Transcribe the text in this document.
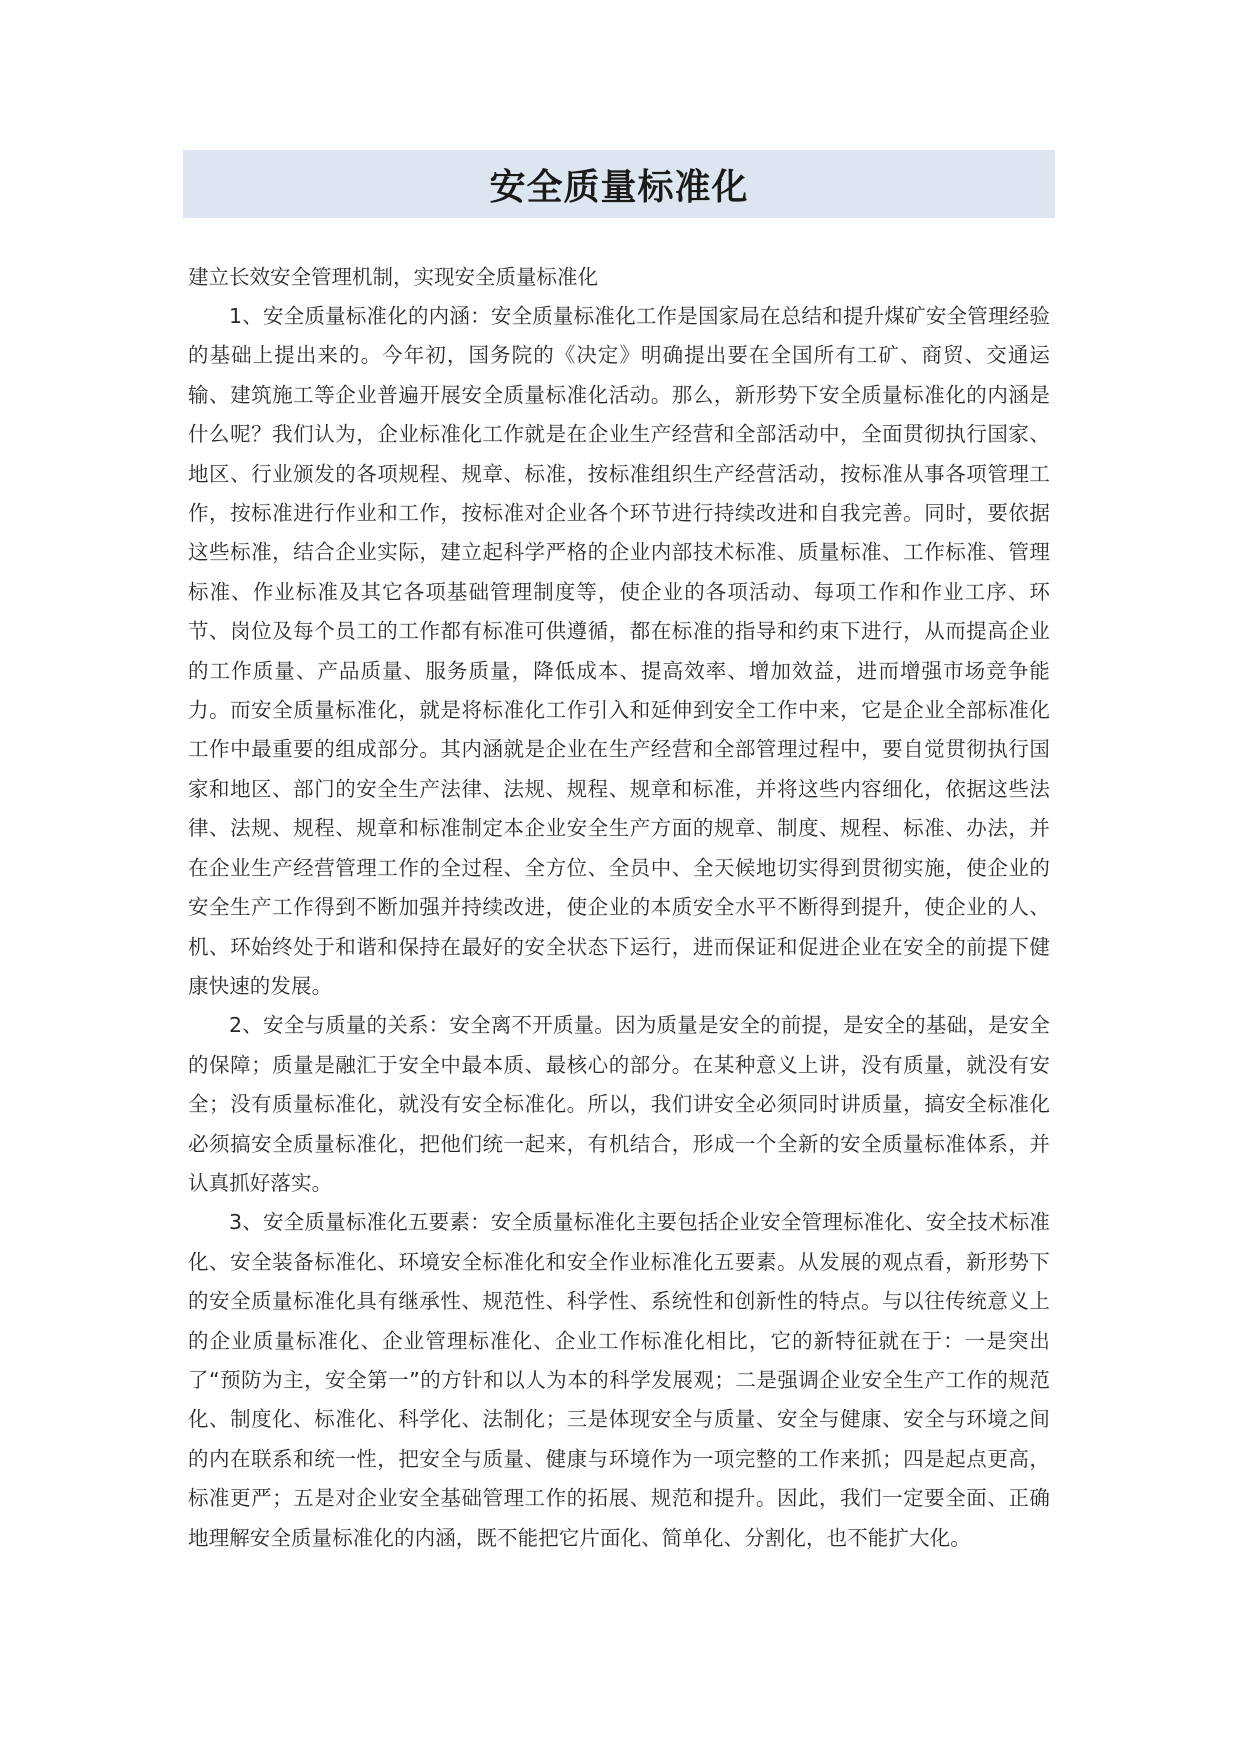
安全质量标准化

建立长效安全管理机制，实现安全质量标准化

1、安全质量标准化的内涵：安全质量标准化工作是国家局在总结和提升煤矿安全管理经验的基础上提出来的。今年初，国务院的《决定》明确提出要在全国所有工矿、商贸、交通运输、建筑施工等企业普遍开展安全质量标准化活动。那么，新形势下安全质量标准化的内涵是什么呢？我们认为，企业标准化工作就是在企业生产经营和全部活动中，全面贯彻执行国家、地区、行业颁发的各项规程、规章、标准，按标准组织生产经营活动，按标准从事各项管理工作，按标准进行作业和工作，按标准对企业各个环节进行持续改进和自我完善。同时，要依据这些标准，结合企业实际，建立起科学严格的企业内部技术标准、质量标准、工作标准、管理标准、作业标准及其它各项基础管理制度等，使企业的各项活动、每项工作和作业工序、环节、岗位及每个员工的工作都有标准可供遵循，都在标准的指导和约束下进行，从而提高企业的工作质量、产品质量、服务质量，降低成本、提高效率、增加效益，进而增强市场竞争能力。而安全质量标准化，就是将标准化工作引入和延伸到安全工作中来，它是企业全部标准化工作中最重要的组成部分。其内涵就是企业在生产经营和全部管理过程中，要自觉贯彻执行国家和地区、部门的安全生产法律、法规、规程、规章和标准，并将这些内容细化，依据这些法律、法规、规程、规章和标准制定本企业安全生产方面的规章、制度、规程、标准、办法，并在企业生产经营管理工作的全过程、全方位、全员中、全天候地切实得到贯彻实施，使企业的安全生产工作得到不断加强并持续改进，使企业的本质安全水平不断得到提升，使企业的人、机、环始终处于和谐和保持在最好的安全状态下运行，进而保证和促进企业在安全的前提下健康快速的发展。

2、安全与质量的关系：安全离不开质量。因为质量是安全的前提，是安全的基础，是安全的保障；质量是融汇于安全中最本质、最核心的部分。在某种意义上讲，没有质量，就没有安全；没有质量标准化，就没有安全标准化。所以，我们讲安全必须同时讲质量，搞安全标准化必须搞安全质量标准化，把他们统一起来，有机结合，形成一个全新的安全质量标准体系，并认真抓好落实。

3、安全质量标准化五要素：安全质量标准化主要包括企业安全管理标准化、安全技术标准化、安全装备标准化、环境安全标准化和安全作业标准化五要素。从发展的观点看，新形势下的安全质量标准化具有继承性、规范性、科学性、系统性和创新性的特点。与以往传统意义上的企业质量标准化、企业管理标准化、企业工作标准化相比，它的新特征就在于：一是突出了“预防为主，安全第一”的方针和以人为本的科学发展观；二是强调企业安全生产工作的规范化、制度化、标准化、科学化、法制化；三是体现安全与质量、安全与健康、安全与环境之间的内在联系和统一性，把安全与质量、健康与环境作为一项完整的工作来抓；四是起点更高，标准更严；五是对企业安全基础管理工作的拓展、规范和提升。因此，我们一定要全面、正确地理解安全质量标准化的内涵，既不能把它片面化、简单化、分割化，也不能扩大化。
